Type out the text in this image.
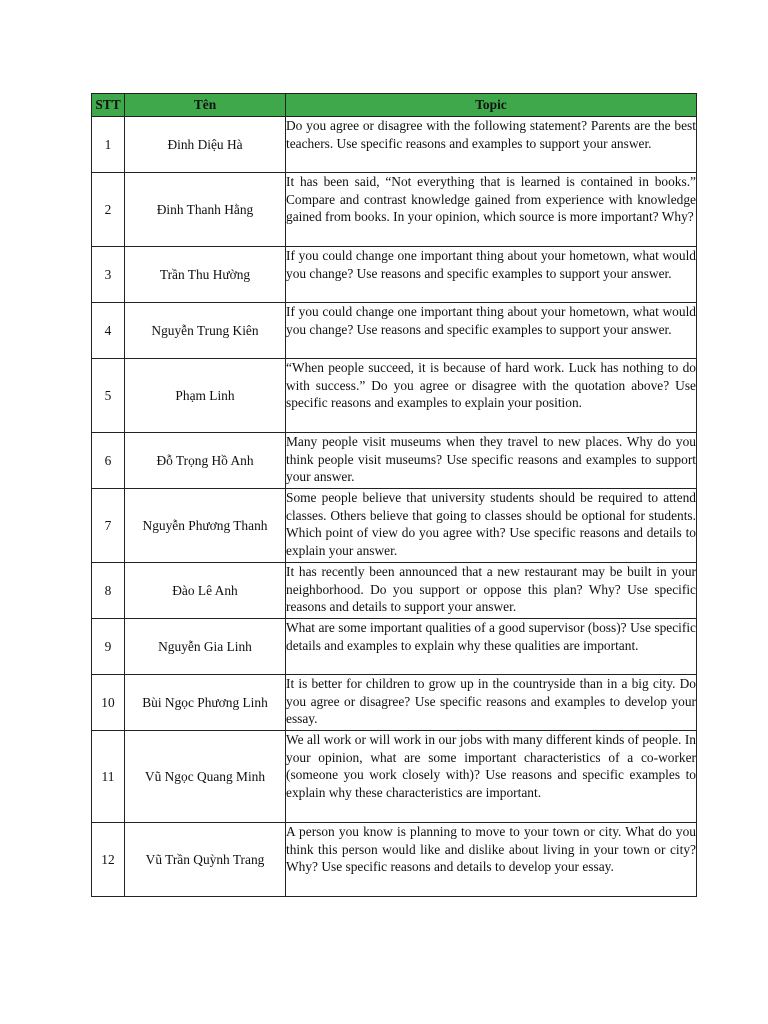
STT	Tên	Topic
1	Đinh Diệu Hà	Do you agree or disagree with the following statement? Parents are the best teachers. Use specific reasons and examples to support your answer.
2	Đinh Thanh Hằng	It has been said, “Not everything that is learned is contained in books.” Compare and contrast knowledge gained from experience with knowledge gained from books. In your opinion, which source is more important? Why?
3	Trần Thu Hường	If you could change one important thing about your hometown, what would you change? Use reasons and specific examples to support your answer.
4	Nguyễn Trung Kiên	If you could change one important thing about your hometown, what would you change? Use reasons and specific examples to support your answer.
5	Phạm Linh	“When people succeed, it is because of hard work. Luck has nothing to do with success.” Do you agree or disagree with the quotation above? Use specific reasons and examples to explain your position.
6	Đỗ Trọng Hồ Anh	Many people visit museums when they travel to new places. Why do you think people visit museums? Use specific reasons and examples to support your answer.
7	Nguyễn Phương Thanh	Some people believe that university students should be required to attend classes. Others believe that going to classes should be optional for students. Which point of view do you agree with? Use specific reasons and details to explain your answer.
8	Đào Lê Anh	It has recently been announced that a new restaurant may be built in your neighborhood. Do you support or oppose this plan? Why? Use specific reasons and details to support your answer.
9	Nguyễn Gia Linh	What are some important qualities of a good supervisor (boss)? Use specific details and examples to explain why these qualities are important.
10	Bùi Ngọc Phương Linh	It is better for children to grow up in the countryside than in a big city. Do you agree or disagree? Use specific reasons and examples to develop your essay.
11	Vũ Ngọc Quang Minh	We all work or will work in our jobs with many different kinds of people. In your opinion, what are some important characteristics of a co-worker (someone you work closely with)? Use reasons and specific examples to explain why these characteristics are important.
12	Vũ Trần Quỳnh Trang	A person you know is planning to move to your town or city. What do you think this person would like and dislike about living in your town or city? Why? Use specific reasons and details to develop your essay.
